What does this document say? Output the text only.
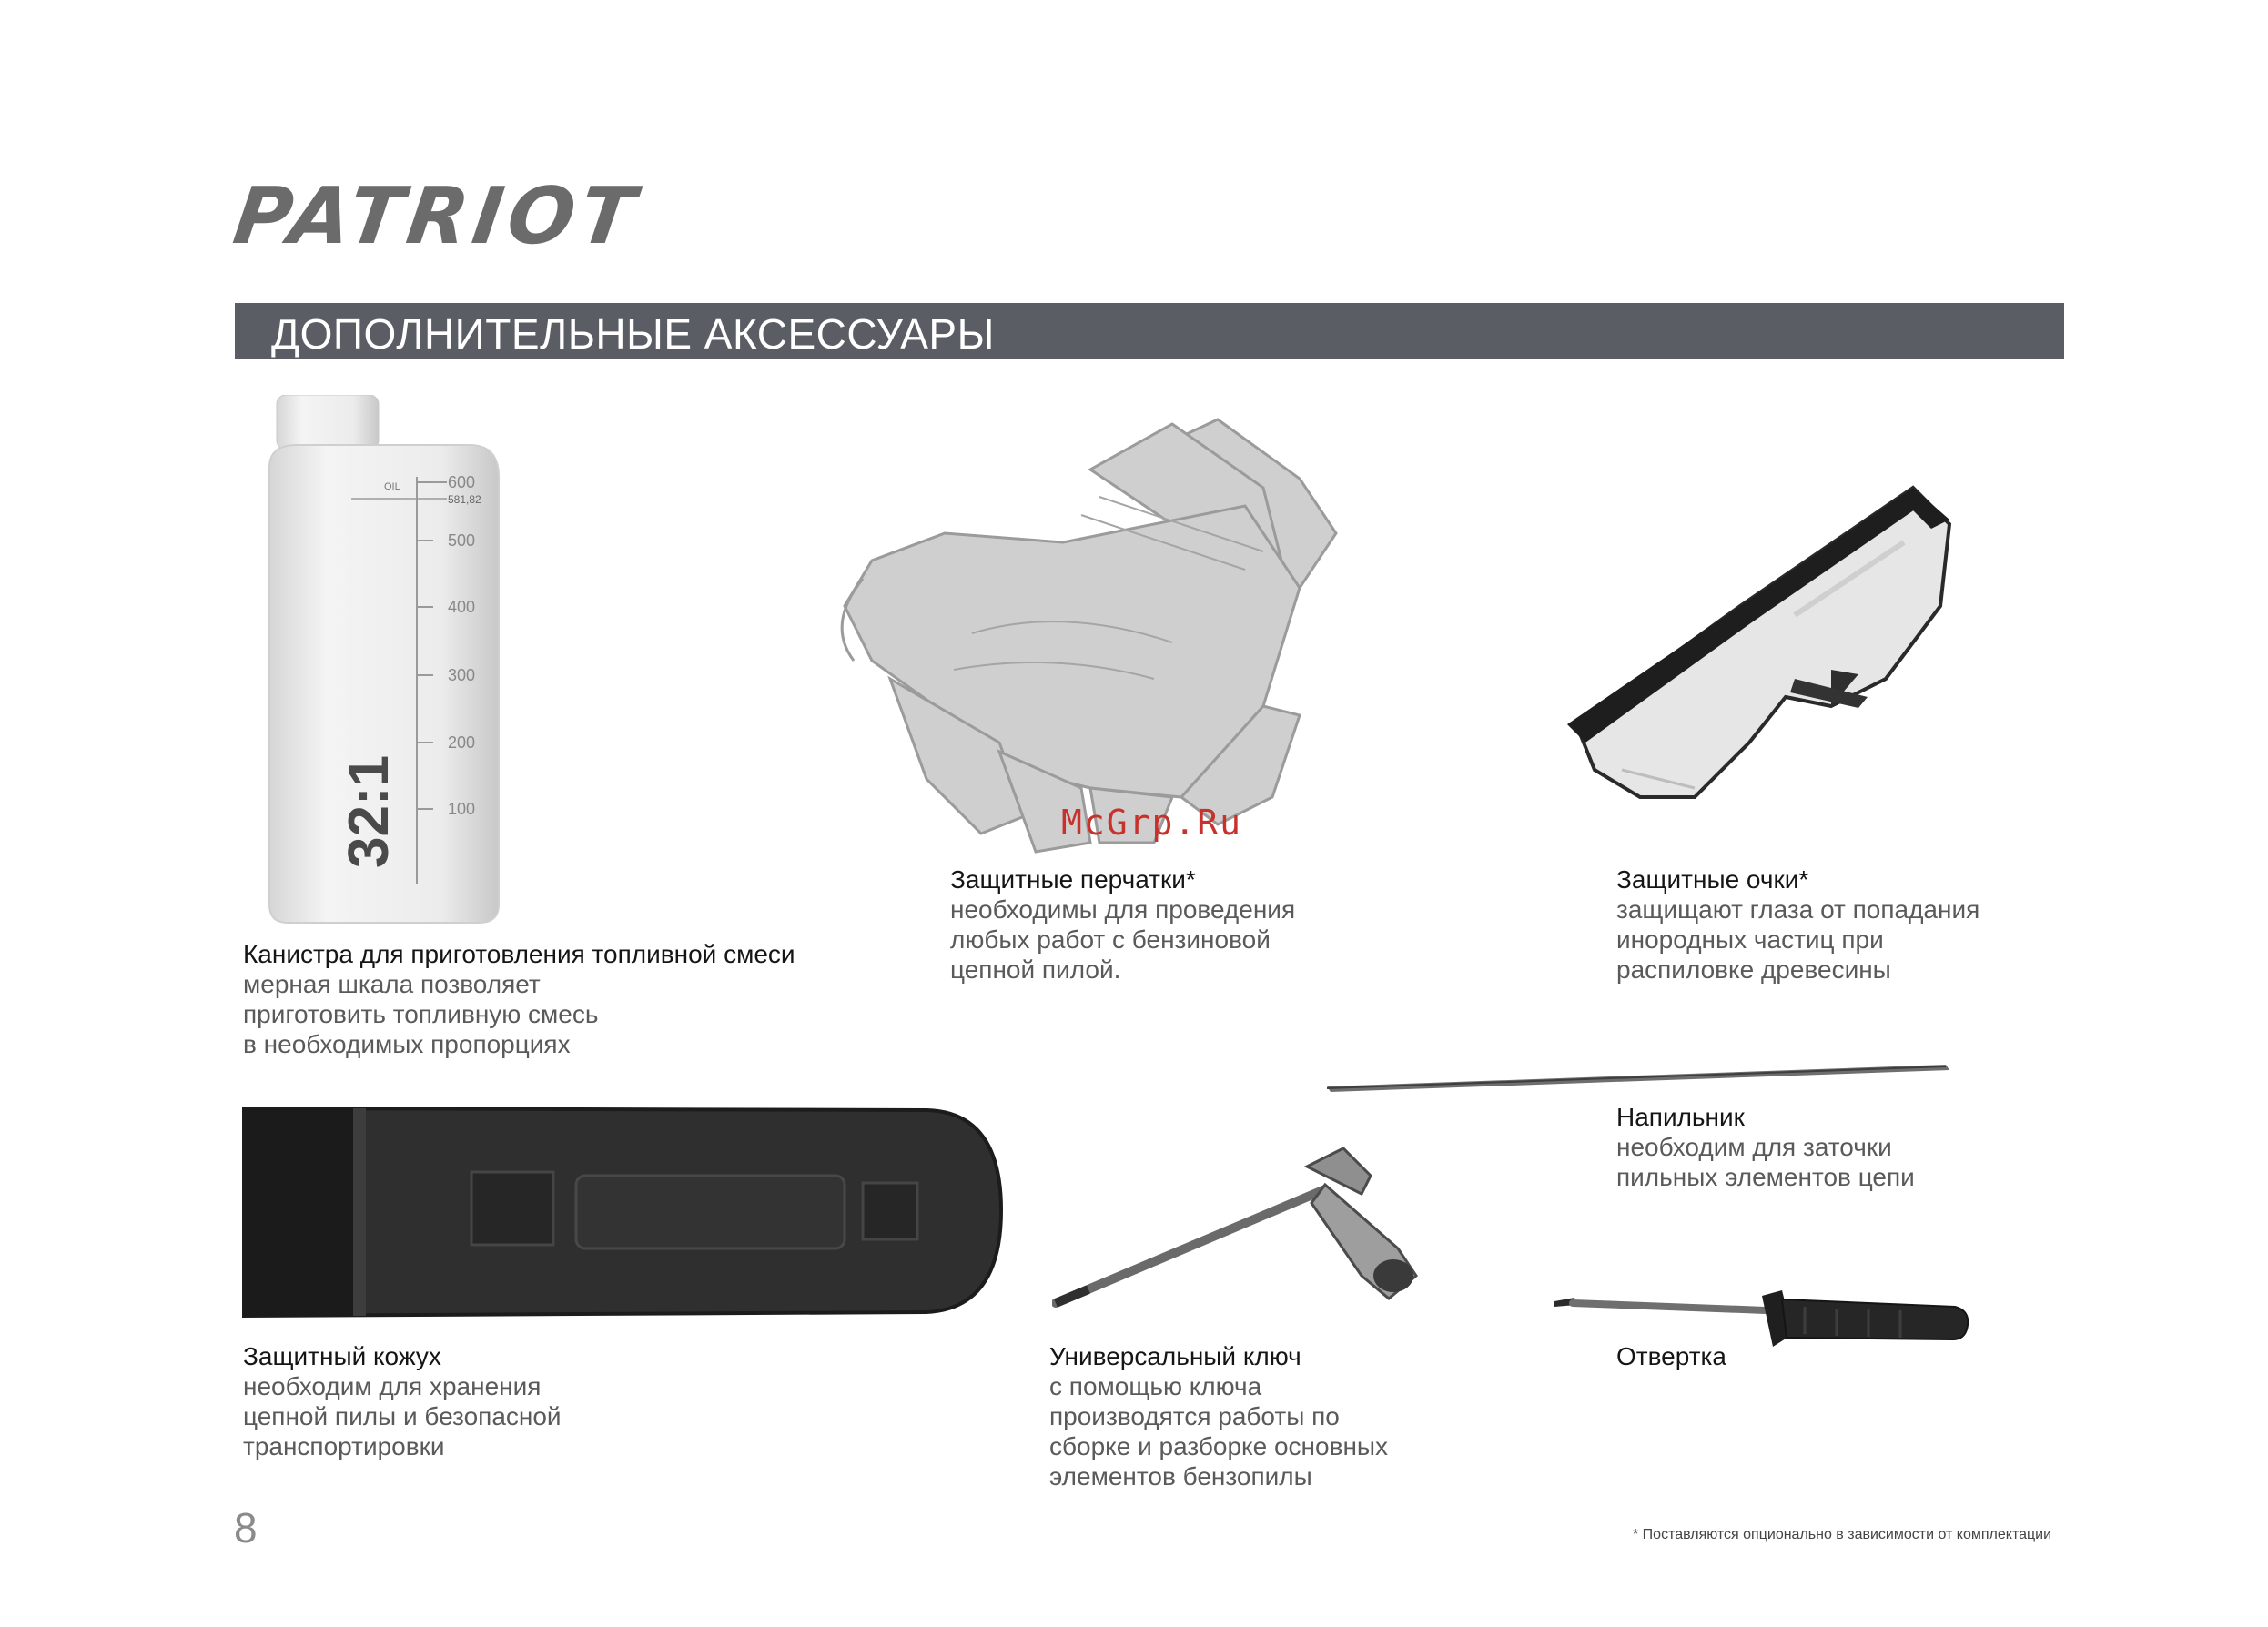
PATRIOT
ДОПОЛНИТЕЛЬНЫЕ АКСЕССУАРЫ
OIL	600
581,82
500
400
300
200
100
32:1	McGrp.Ru
Канистра для приготовления топливной смеси
мерная шкала позволяет
приготовить топливную смесь
в необходимых пропорциях
Защитные перчатки*
необходимы для проведения
любых работ с бензиновой
цепной пилой.
Защитные очки*
защищают глаза от попадания
инородных частиц при
распиловке древесины
Напильник
необходим для заточки
пильных элементов цепи
Защитный кожух
необходим для хранения
цепной пилы и безопасной
транспортировки
Универсальный ключ
с помощью ключа
производятся работы по
сборке и разборке основных
элементов бензопилы
Отвертка
8	* Поставляются опционально в зависимости от комплектации
